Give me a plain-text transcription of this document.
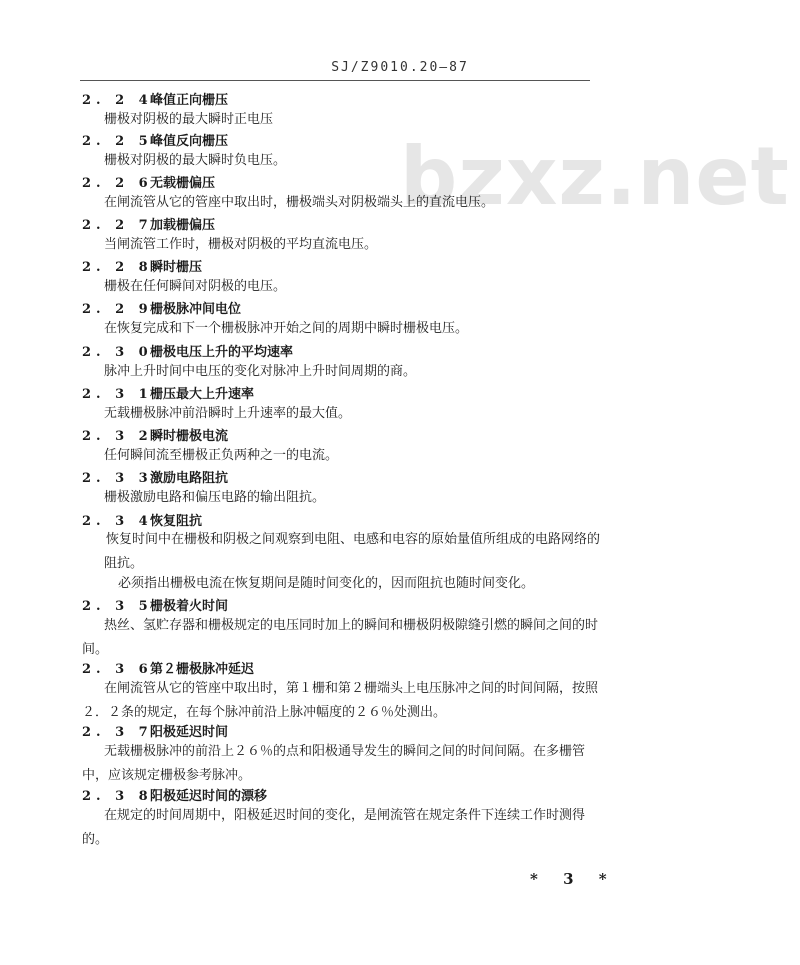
bzxz.net
SJ/Z9010.20—87
2. 2 4峰值正向栅压
栅极对阴极的最大瞬时正电压
2. 2 5峰值反向栅压
栅极对阴极的最大瞬时负电压。
2. 2 6无载栅偏压
在闸流管从它的管座中取出时，栅极端头对阴极端头上的直流电压。
2. 2 7加载栅偏压
当闸流管工作时，栅极对阴极的平均直流电压。
2. 2 8瞬时栅压
栅极在任何瞬间对阴极的电压。
2. 2 9栅极脉冲间电位
在恢复完成和下一个栅极脉冲开始之间的周期中瞬时栅极电压。
2. 3 0栅极电压上升的平均速率
脉冲上升时间中电压的变化对脉冲上升时间周期的商。
2. 3 1栅压最大上升速率
无载栅极脉冲前沿瞬时上升速率的最大值。
2. 3 2瞬时栅极电流
任何瞬间流至栅极正负两种之一的电流。
2. 3 3激励电路阻抗
栅极激励电路和偏压电路的输出阻抗。
2. 3 4恢复阻抗
恢复时间中在栅极和阴极之间观察到电阻、电感和电容的原始量值所组成的电路网络的阻抗。
必须指出栅极电流在恢复期间是随时间变化的，因而阻抗也随时间变化。
2. 3 5栅极着火时间
热丝、氢贮存器和栅极规定的电压同时加上的瞬间和栅极阴极隙缝引燃的瞬间之间的时间。
2. 3 6第２栅极脉冲延迟
在闸流管从它的管座中取出时，第１栅和第２栅端头上电压脉冲之间的时间间隔，按照２．２条的规定，在每个脉冲前沿上脉冲幅度的２６％处测出。
2. 3 7阳极延迟时间
无载栅极脉冲的前沿上２６％的点和阳极通导发生的瞬间之间的时间间隔。在多栅管中，应该规定栅极参考脉冲。
2. 3 8阳极延迟时间的漂移
在规定的时间周期中，阳极延迟时间的变化，是闸流管在规定条件下连续工作时测得的。
* 3 *
